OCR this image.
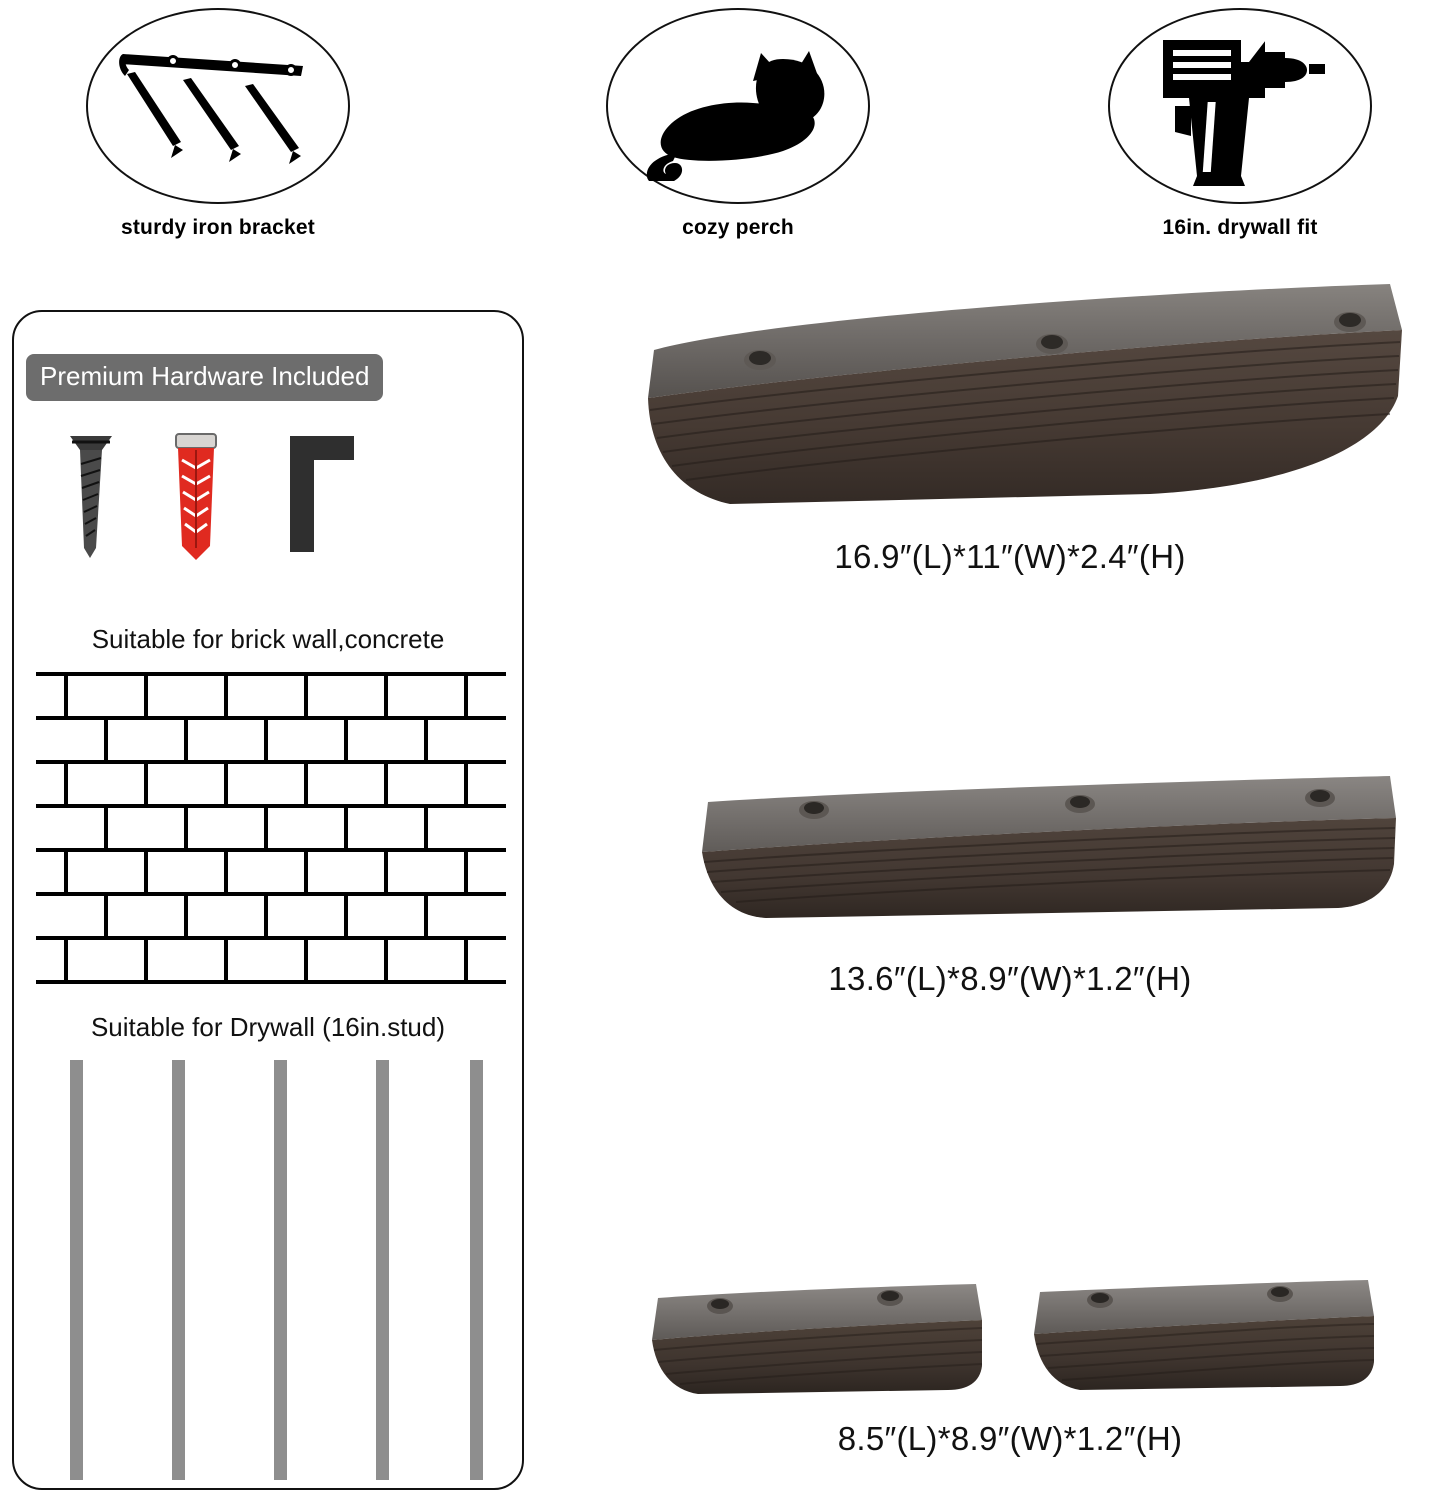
sturdy iron bracket	cozy perch	16in. drywall fit
Premium Hardware Included
Suitable for brick wall,concrete
Suitable for Drywall (16in.stud)
16.9″(L)*11″(W)*2.4″(H)
13.6″(L)*8.9″(W)*1.2″(H)
8.5″(L)*8.9″(W)*1.2″(H)
